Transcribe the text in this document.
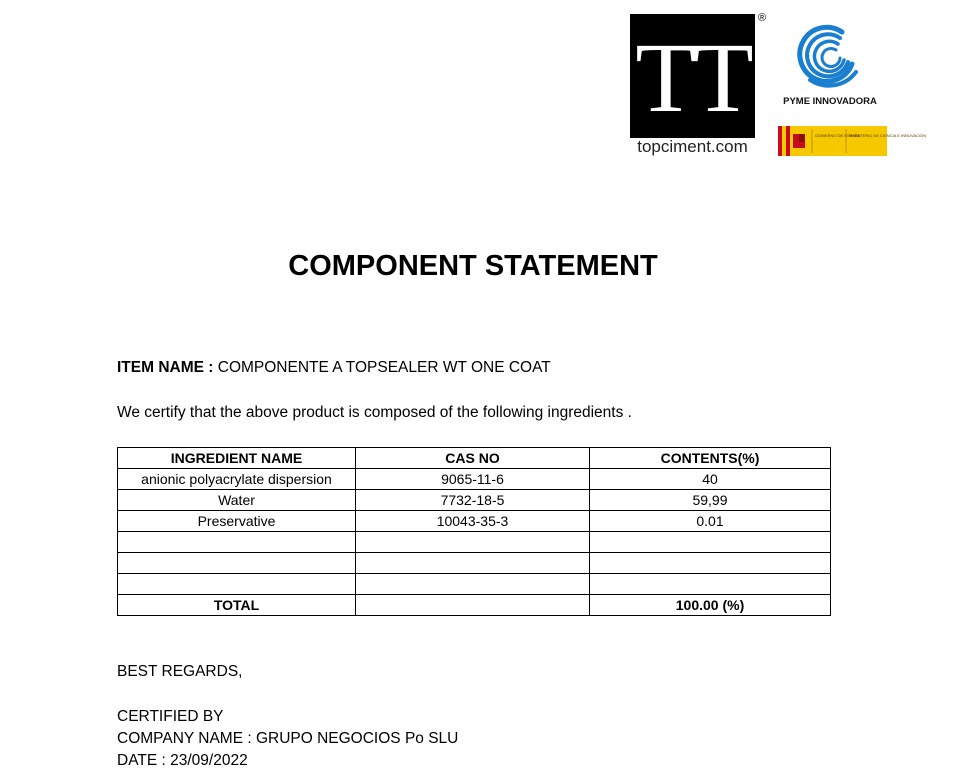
TT
®
topciment.com
PYME INNOVADORA
GOBIERNO DE ESPAÑA
MINISTERIO DE CIENCIA E INNOVACIÓN
COMPONENT STATEMENT
ITEM NAME : COMPONENTE A TOPSEALER WT ONE COAT
We certify that the above product is composed of the following ingredients .
INGREDIENT NAME	CAS NO	CONTENTS(%)
anionic polyacrylate dispersion	9065-11-6	40
Water	7732-18-5	59,99
Preservative	10043-35-3	0.01

TOTAL		100.00 (%)
BEST REGARDS,
CERTIFIED BY
COMPANY NAME : GRUPO NEGOCIOS Po SLU
DATE : 23/09/2022
